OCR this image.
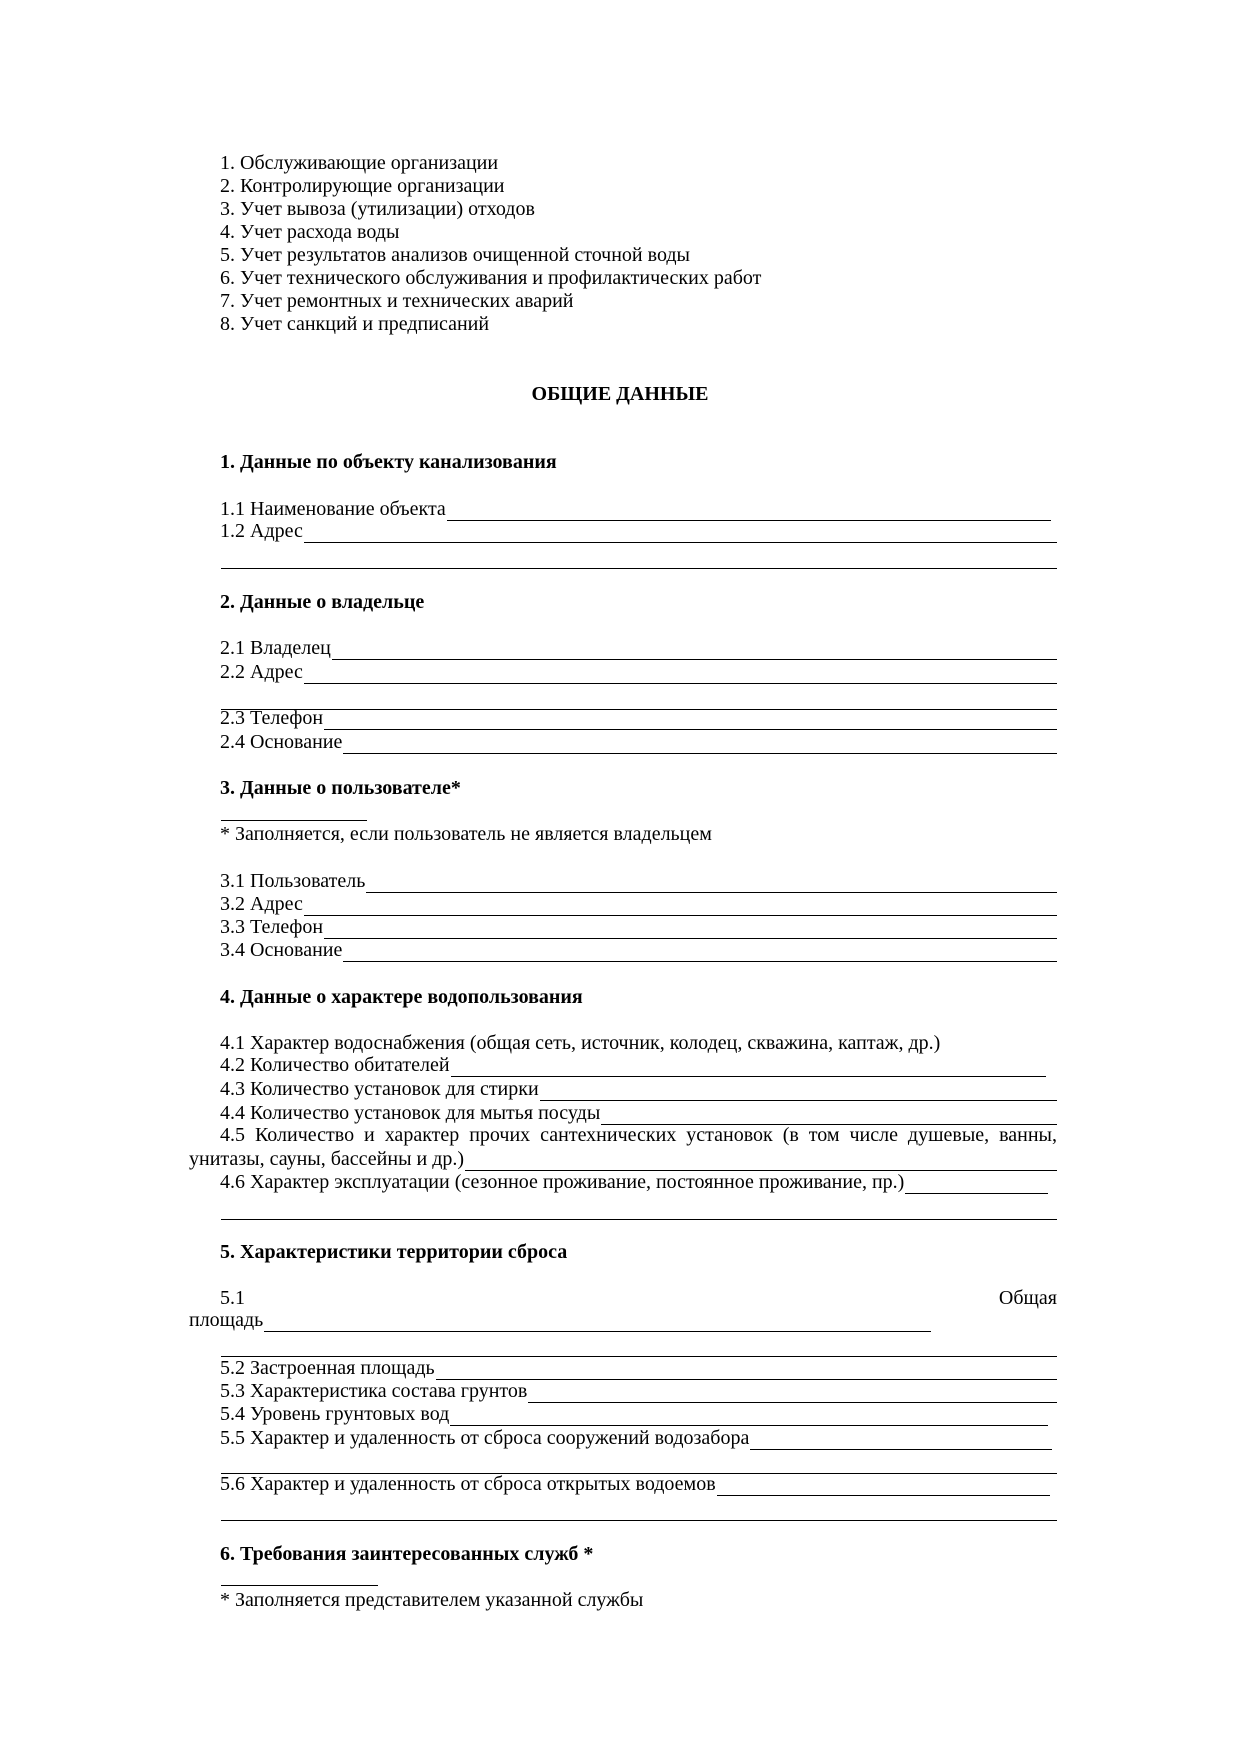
1. Обслуживающие организации
2. Контролирующие организации
3. Учет вывоза (утилизации) отходов
4. Учет расхода воды
5. Учет результатов анализов очищенной сточной воды
6. Учет технического обслуживания и профилактических работ
7. Учет ремонтных и технических аварий
8. Учет санкций и предписаний
ОБЩИЕ ДАННЫЕ
1. Данные по объекту канализования
1.1 Наименование объекта
1.2 Адрес
2. Данные о владельце
2.1 Владелец
2.2 Адрес
2.3 Телефон
2.4 Основание
3. Данные о пользователе*
* Заполняется, если пользователь не является владельцем
3.1 Пользователь
3.2 Адрес
3.3 Телефон
3.4 Основание
4. Данные о характере водопользования
4.1 Характер водоснабжения (общая сеть, источник, колодец, скважина, каптаж, др.)
4.2 Количество обитателей
4.3 Количество установок для стирки
4.4 Количество установок для мытья посуды
4.5 Количество и характер прочих сантехнических установок (в том числе душевые, ванны,
унитазы, сауны, бассейны и др.)
4.6 Характер эксплуатации (сезонное проживание, постоянное проживание, пр.)
5. Характеристики территории сброса
5.1	Общая
площадь
5.2 Застроенная площадь
5.3 Характеристика состава грунтов
5.4 Уровень грунтовых вод
5.5 Характер и удаленность от сброса сооружений водозабора
5.6 Характер и удаленность от сброса открытых водоемов
6. Требования заинтересованных служб *
* Заполняется представителем указанной службы
